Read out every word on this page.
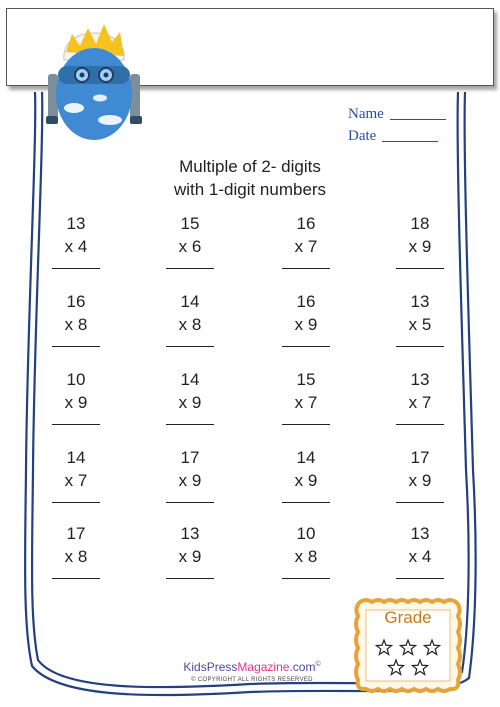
Name
Date
Multiple of 2- digits
with 1-digit numbers
13
x 4
15
x 6
16
x 7
18
x 9
16
x 8
14
x 8
16
x 9
13
x 5
10
x 9
14
x 9
15
x 7
13
x 7
14
x 7
17
x 9
14
x 9
17
x 9
17
x 8
13
x 9
10
x 8
13
x 4
Grade
KidsPressMagazine.com©
© COPYRIGHT ALL RIGHTS RESERVED
